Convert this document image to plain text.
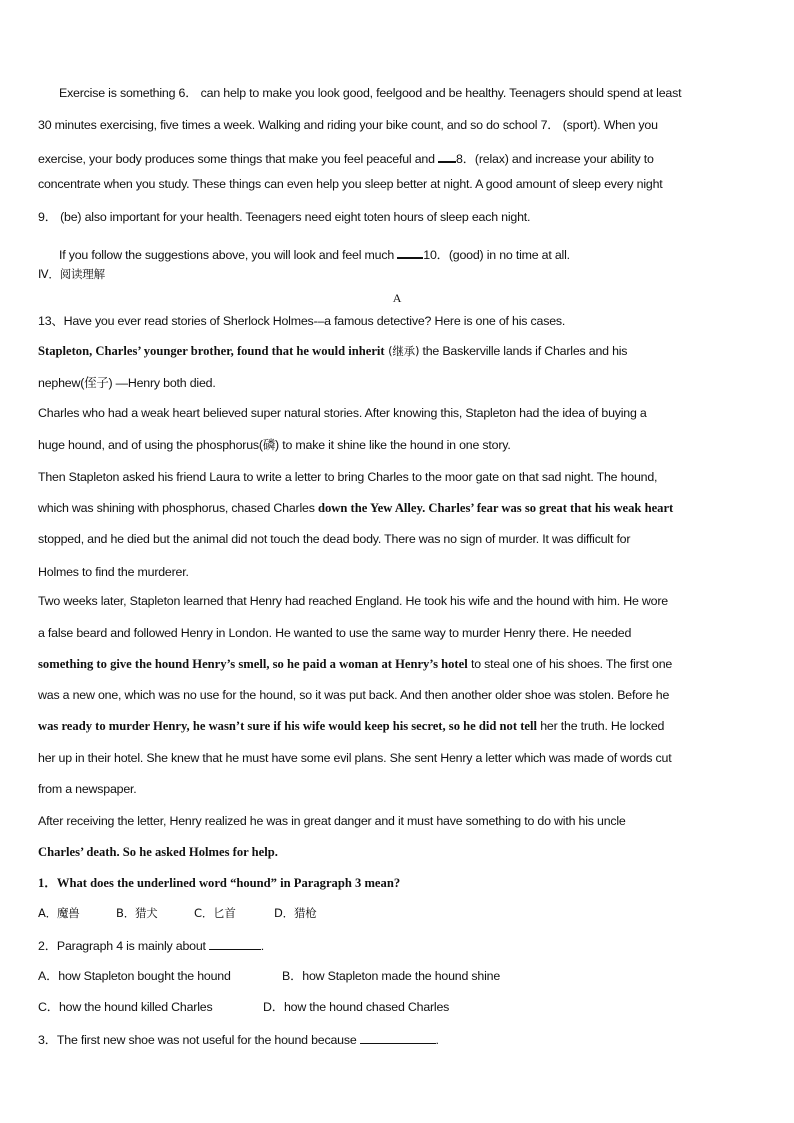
Exercise is something 6． can help to make you look good, feelgood and be healthy. Teenagers should spend at least
30 minutes exercising, five times a week. Walking and riding your bike count, and so do school 7． (sport). When you
exercise, your body produces some things that make you feel peaceful and 8．(relax) and increase your ability to
concentrate when you study. These things can even help you sleep better at night. A good amount of sleep every night
9． (be) also important for your health. Teenagers need eight toten hours of sleep each night.
If you follow the suggestions above, you will look and feel much 10．(good) in no time at all.
Ⅳ．阅读理解
A
13、Have you ever read stories of Sherlock Holmes-–a famous detective? Here is one of his cases.
Stapleton, Charles’ younger brother, found that he would inherit (继承) the Baskerville lands if Charles and his
nephew(侄子) —Henry both died.
Charles who had a weak heart believed super natural stories. After knowing this, Stapleton had the idea of buying a
huge hound, and of using the phosphorus(磷) to make it shine like the hound in one story.
Then Stapleton asked his friend Laura to write a letter to bring Charles to the moor gate on that sad night. The hound,
which was shining with phosphorus, chased Charles down the Yew Alley. Charles’ fear was so great that his weak heart
stopped, and he died but the animal did not touch the dead body. There was no sign of murder. It was difficult for
Holmes to find the murderer.
Two weeks later, Stapleton learned that Henry had reached England. He took his wife and the hound with him. He wore
a false beard and followed Henry in London. He wanted to use the same way to murder Henry there. He needed
something to give the hound Henry’s smell, so he paid a woman at Henry’s hotel to steal one of his shoes. The first one
was a new one, which was no use for the hound, so it was put back. And then another older shoe was stolen. Before he
was ready to murder Henry, he wasn’t sure if his wife would keep his secret, so he did not tell her the truth. He locked
her up in their hotel. She knew that he must have some evil plans. She sent Henry a letter which was made of words cut
from a newspaper.
After receiving the letter, Henry realized he was in great danger and it must have something to do with his uncle
Charles’ death. So he asked Holmes for help.
1．What does the underlined word “hound” in Paragraph 3 mean?
A．魔兽	B．猎犬	C．匕首	D．猎枪
2．Paragraph 4 is mainly about	.
A．how Stapleton bought the hound	B．how Stapleton made the hound shine
C．how the hound killed Charles	D．how the hound chased Charles
3．The first new shoe was not useful for the hound because	.
